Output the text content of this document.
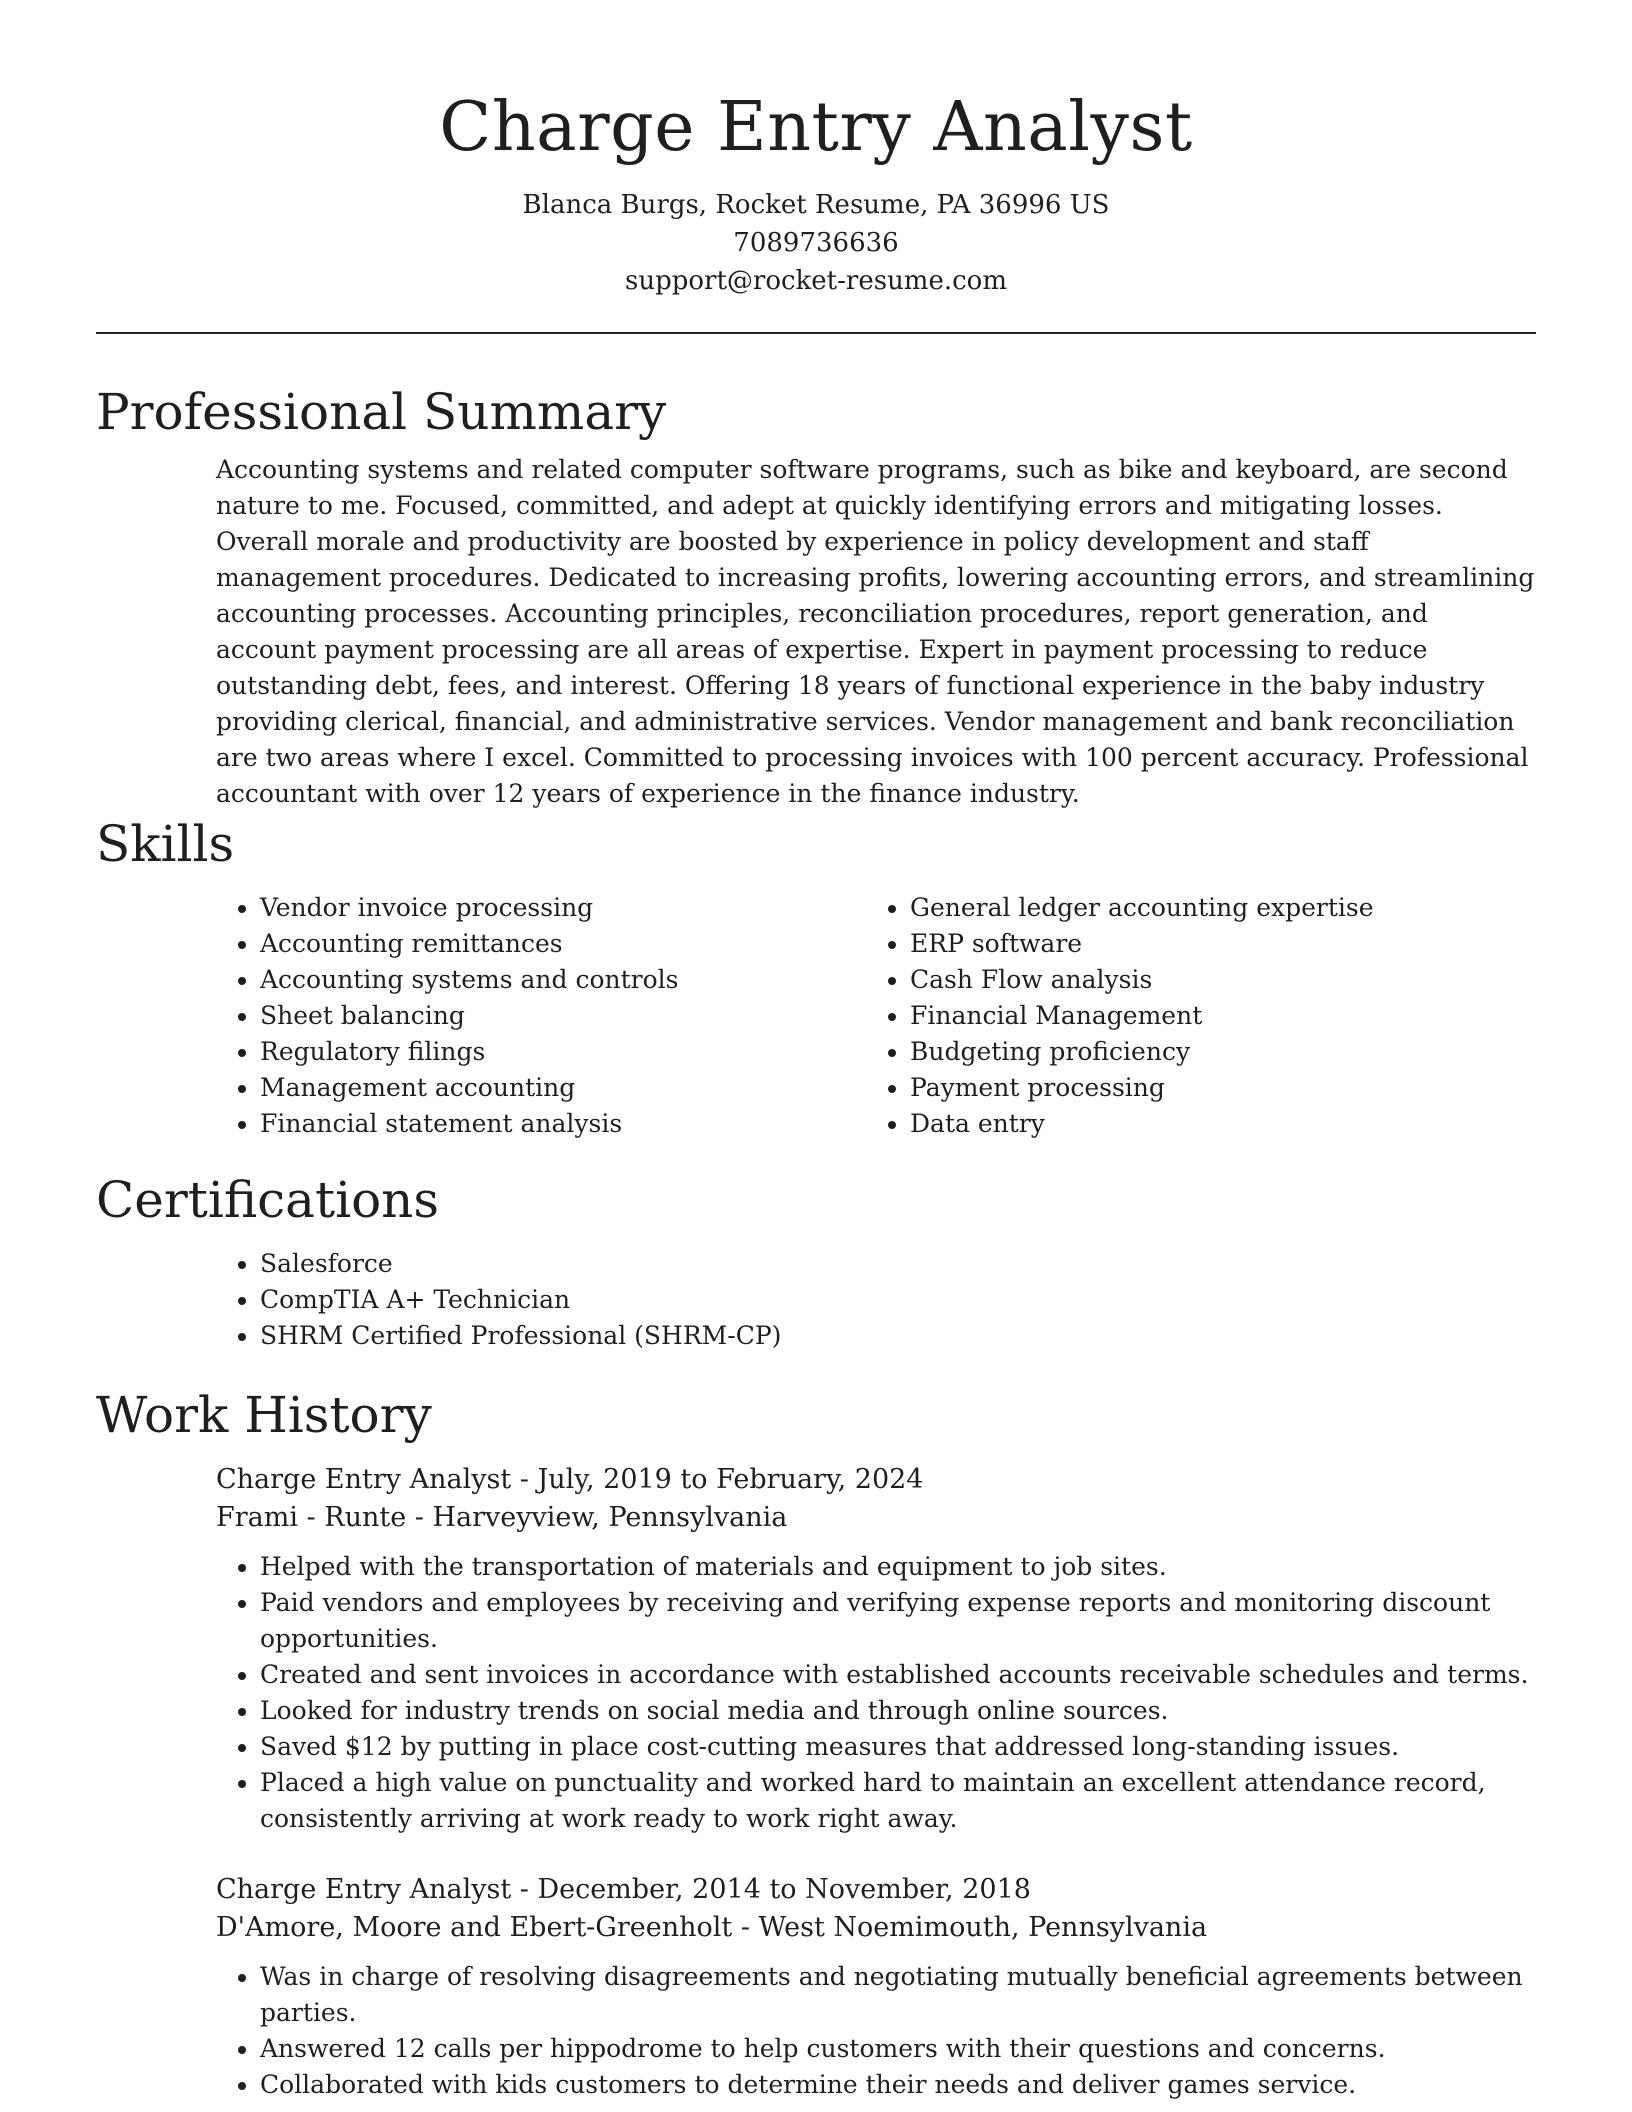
Charge Entry Analyst

Blanca Burgs, Rocket Resume, PA 36996 US

7089736636

support@rocket-resume.com

Professional Summary

Accounting systems and related computer software programs, such as bike and keyboard, are second nature to me. Focused, committed, and adept at quickly identifying errors and mitigating losses. Overall morale and productivity are boosted by experience in policy development and staff management procedures. Dedicated to increasing profits, lowering accounting errors, and streamlining accounting processes. Accounting principles, reconciliation procedures, report generation, and account payment processing are all areas of expertise. Expert in payment processing to reduce outstanding debt, fees, and interest. Offering 18 years of functional experience in the baby industry providing clerical, financial, and administrative services. Vendor management and bank reconciliation are two areas where I excel. Committed to processing invoices with 100 percent accuracy. Professional accountant with over 12 years of experience in the finance industry.

Skills
• Vendor invoice processing
• Accounting remittances
• Accounting systems and controls
• Sheet balancing
• Regulatory filings
• Management accounting
• Financial statement analysis
• General ledger accounting expertise
• ERP software
• Cash Flow analysis
• Financial Management
• Budgeting proficiency
• Payment processing
• Data entry
Certifications
• Salesforce
• CompTIA A+ Technician
• SHRM Certified Professional (SHRM-CP)
Work History

Charge Entry Analyst - July, 2019 to February, 2024

Frami - Runte - Harveyview, Pennsylvania

• Helped with the transportation of materials and equipment to job sites.
• Paid vendors and employees by receiving and verifying expense reports and monitoring discount opportunities.
• Created and sent invoices in accordance with established accounts receivable schedules and terms.
• Looked for industry trends on social media and through online sources.
• Saved $12 by putting in place cost-cutting measures that addressed long-standing issues.
• Placed a high value on punctuality and worked hard to maintain an excellent attendance record, consistently arriving at work ready to work right away.

Charge Entry Analyst - December, 2014 to November, 2018

D'Amore, Moore and Ebert-Greenholt - West Noemimouth, Pennsylvania

• Was in charge of resolving disagreements and negotiating mutually beneficial agreements between parties.
• Answered 12 calls per hippodrome to help customers with their questions and concerns.
• Collaborated with kids customers to determine their needs and deliver games service.
